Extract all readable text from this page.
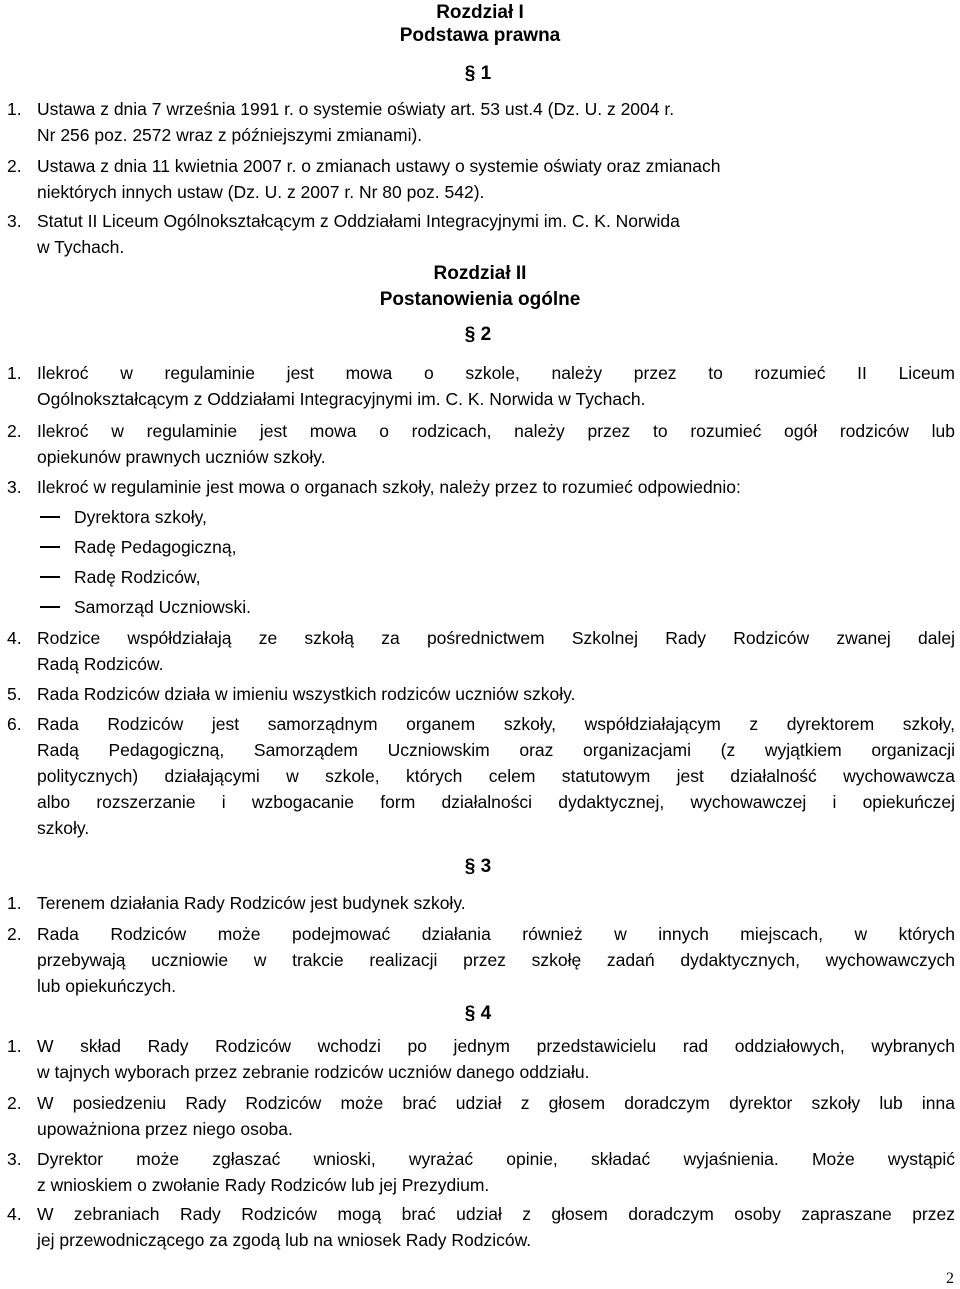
Rozdział I
Podstawa prawna
§ 1
1. Ustawa z dnia 7 września 1991 r. o systemie oświaty art. 53 ust.4 (Dz. U. z 2004 r.
Nr 256 poz. 2572 wraz z późniejszymi zmianami).
2. Ustawa z dnia 11 kwietnia 2007 r. o zmianach ustawy o systemie oświaty oraz zmianach
niektórych innych ustaw (Dz. U. z 2007 r. Nr 80 poz. 542).
3. Statut II Liceum Ogólnokształcącym z Oddziałami Integracyjnymi im. C. K. Norwida
w Tychach.
Rozdział II
Postanowienia ogólne
§ 2
1. Ilekroć w regulaminie jest mowa o szkole, należy przez to rozumieć II Liceum
Ogólnokształcącym z Oddziałami Integracyjnymi im. C. K. Norwida w Tychach.
2. Ilekroć w regulaminie jest mowa o rodzicach, należy przez to rozumieć ogół rodziców lub
opiekunów prawnych uczniów szkoły.
3. Ilekroć w regulaminie jest mowa o organach szkoły, należy przez to rozumieć odpowiednio:
Dyrektora szkoły,
Radę Pedagogiczną,
Radę Rodziców,
Samorząd Uczniowski.
4. Rodzice współdziałają ze szkołą za pośrednictwem Szkolnej Rady Rodziców zwanej dalej
Radą Rodziców.
5. Rada Rodziców działa w imieniu wszystkich rodziców uczniów szkoły.
6. Rada Rodziców jest samorządnym organem szkoły, współdziałającym z dyrektorem szkoły,
Radą Pedagogiczną, Samorządem Uczniowskim oraz organizacjami (z wyjątkiem organizacji
politycznych) działającymi w szkole, których celem statutowym jest działalność wychowawcza
albo rozszerzanie i wzbogacanie form działalności dydaktycznej, wychowawczej i opiekuńczej
szkoły.
§ 3
1. Terenem działania Rady Rodziców jest budynek szkoły.
2. Rada Rodziców może podejmować działania również w innych miejscach, w których
przebywają uczniowie w trakcie realizacji przez szkołę zadań dydaktycznych, wychowawczych
lub opiekuńczych.
§ 4
1. W skład Rady Rodziców wchodzi po jednym przedstawicielu rad oddziałowych, wybranych
w tajnych wyborach przez zebranie rodziców uczniów danego oddziału.
2. W posiedzeniu Rady Rodziców może brać udział z głosem doradczym dyrektor szkoły lub inna
upoważniona przez niego osoba.
3. Dyrektor może zgłaszać wnioski, wyrażać opinie, składać wyjaśnienia. Może wystąpić
z wnioskiem o zwołanie Rady Rodziców lub jej Prezydium.
4. W zebraniach Rady Rodziców mogą brać udział z głosem doradczym osoby zapraszane przez
jej przewodniczącego za zgodą lub na wniosek Rady Rodziców.
2
